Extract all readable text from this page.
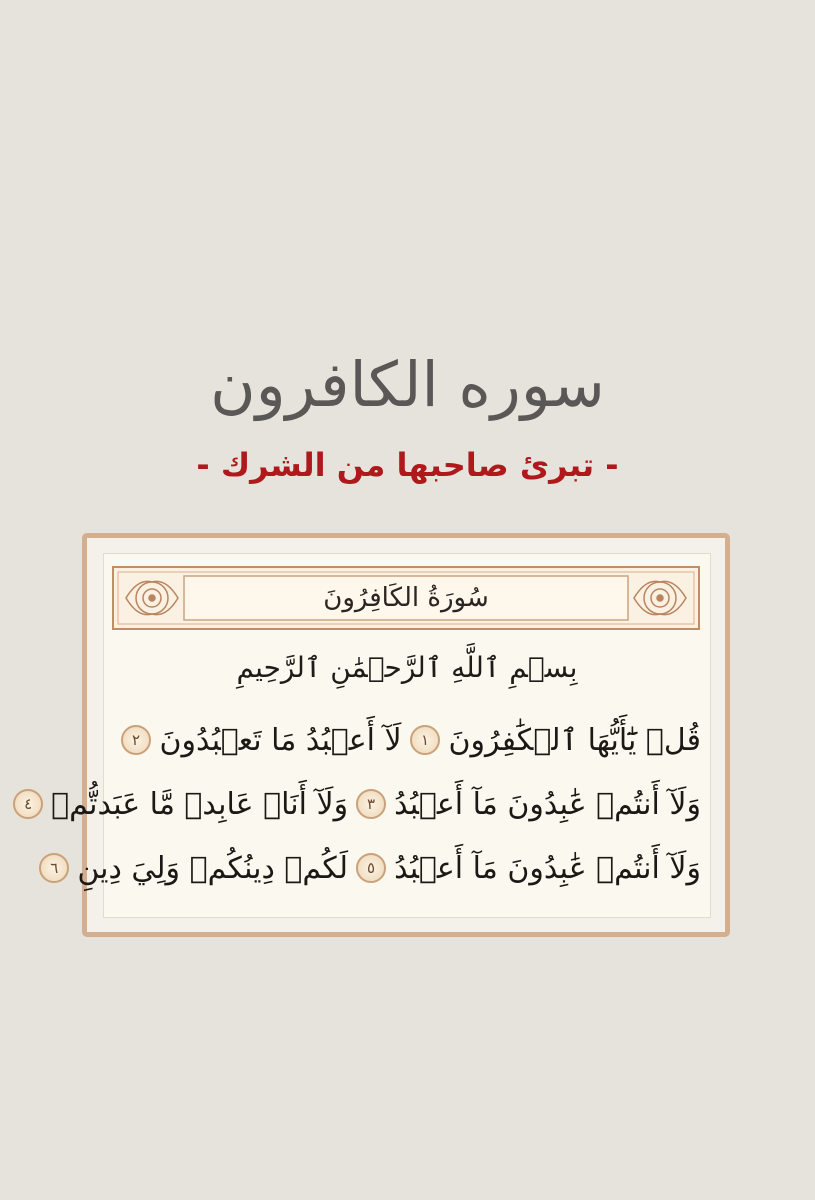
سوره الكافرون
- تبرئ صاحبها من الشرك -
سُورَةُ الكَافِرُونَ
بِسۡمِ ٱللَّهِ ٱلرَّحۡمَٰنِ ٱلرَّحِيمِ
قُلۡ يَٰٓأَيُّهَا ٱلۡكَٰفِرُونَ
١
لَآ أَعۡبُدُ مَا تَعۡبُدُونَ
٢
وَلَآ أَنتُمۡ عَٰبِدُونَ مَآ أَعۡبُدُ
٣
وَلَآ أَنَا۠ عَابِدٞ مَّا عَبَدتُّمۡ
٤
وَلَآ أَنتُمۡ عَٰبِدُونَ مَآ أَعۡبُدُ
٥
لَكُمۡ دِينُكُمۡ وَلِيَ دِينِ
٦
